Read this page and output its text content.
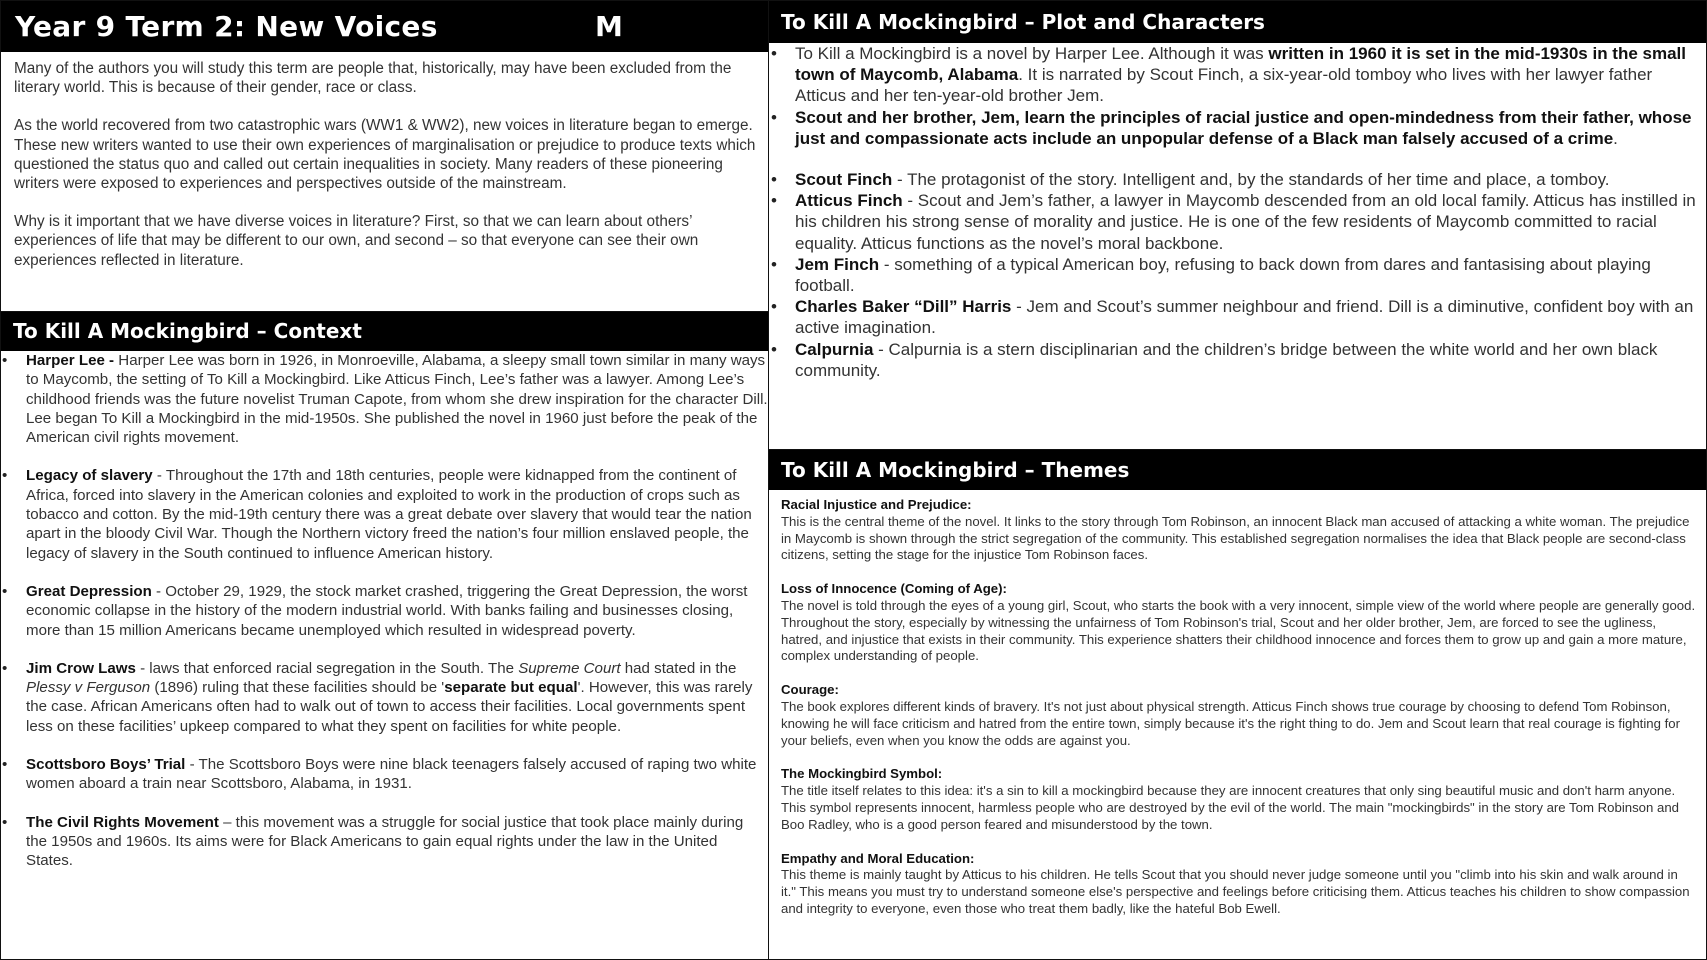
Year 9 Term 2: New Voices	M

Many of the authors you will study this term are people that, historically, may have been excluded from the literary world. This is because of their gender, race or class.

As the world recovered from two catastrophic wars (WW1 & WW2), new voices in literature began to emerge. These new writers wanted to use their own experiences of marginalisation or prejudice to produce texts which questioned the status quo and called out certain inequalities in society. Many readers of these pioneering writers were exposed to experiences and perspectives outside of the mainstream.

Why is it important that we have diverse voices in literature? First, so that we can learn about others’ experiences of life that may be different to our own, and second – so that everyone can see their own experiences reflected in literature.

To Kill A Mockingbird – Context
• Harper Lee - Harper Lee was born in 1926, in Monroeville, Alabama, a sleepy small town similar in many ways to Maycomb, the setting of To Kill a Mockingbird. Like Atticus Finch, Lee’s father was a lawyer. Among Lee’s childhood friends was the future novelist Truman Capote, from whom she drew inspiration for the character Dill. Lee began To Kill a Mockingbird in the mid-1950s. She published the novel in 1960 just before the peak of the American civil rights movement.
• Legacy of slavery - Throughout the 17th and 18th centuries, people were kidnapped from the continent of Africa, forced into slavery in the American colonies and exploited to work in the production of crops such as tobacco and cotton. By the mid-19th century there was a great debate over slavery that would tear the nation apart in the bloody Civil War. Though the Northern victory freed the nation’s four million enslaved people, the legacy of slavery in the South continued to influence American history.
• Great Depression - October 29, 1929, the stock market crashed, triggering the Great Depression, the worst economic collapse in the history of the modern industrial world. With banks failing and businesses closing, more than 15 million Americans became unemployed which resulted in widespread poverty.
• Jim Crow Laws - laws that enforced racial segregation in the South. The Supreme Court had stated in the Plessy v Ferguson (1896) ruling that these facilities should be 'separate but equal'. However, this was rarely the case. African Americans often had to walk out of town to access their facilities. Local governments spent less on these facilities’ upkeep compared to what they spent on facilities for white people.
• Scottsboro Boys’ Trial - The Scottsboro Boys were nine black teenagers falsely accused of raping two white women aboard a train near Scottsboro, Alabama, in 1931.
• The Civil Rights Movement – this movement was a struggle for social justice that took place mainly during the 1950s and 1960s. Its aims were for Black Americans to gain equal rights under the law in the United States.
To Kill A Mockingbird – Plot and Characters
• To Kill a Mockingbird is a novel by Harper Lee. Although it was written in 1960 it is set in the mid-1930s in the small town of Maycomb, Alabama. It is narrated by Scout Finch, a six-year-old tomboy who lives with her lawyer father Atticus and her ten-year-old brother Jem.
• Scout and her brother, Jem, learn the principles of racial justice and open-mindedness from their father, whose just and compassionate acts include an unpopular defense of a Black man falsely accused of a crime.
• Scout Finch - The protagonist of the story. Intelligent and, by the standards of her time and place, a tomboy.
• Atticus Finch - Scout and Jem’s father, a lawyer in Maycomb descended from an old local family. Atticus has instilled in his children his strong sense of morality and justice. He is one of the few residents of Maycomb committed to racial equality. Atticus functions as the novel’s moral backbone.
• Jem Finch - something of a typical American boy, refusing to back down from dares and fantasising about playing football.
• Charles Baker “Dill” Harris - Jem and Scout’s summer neighbour and friend. Dill is a diminutive, confident boy with an active imagination.
• Calpurnia - Calpurnia is a stern disciplinarian and the children’s bridge between the white world and her own black community.
To Kill A Mockingbird – Themes
Racial Injustice and Prejudice:
This is the central theme of the novel. It links to the story through Tom Robinson, an innocent Black man accused of attacking a white woman. The prejudice in Maycomb is shown through the strict segregation of the community. This established segregation normalises the idea that Black people are second-class citizens, setting the stage for the injustice Tom Robinson faces.
Loss of Innocence (Coming of Age):
The novel is told through the eyes of a young girl, Scout, who starts the book with a very innocent, simple view of the world where people are generally good. Throughout the story, especially by witnessing the unfairness of Tom Robinson's trial, Scout and her older brother, Jem, are forced to see the ugliness, hatred, and injustice that exists in their community. This experience shatters their childhood innocence and forces them to grow up and gain a more mature, complex understanding of people.
Courage:
The book explores different kinds of bravery. It's not just about physical strength. Atticus Finch shows true courage by choosing to defend Tom Robinson, knowing he will face criticism and hatred from the entire town, simply because it's the right thing to do. Jem and Scout learn that real courage is fighting for your beliefs, even when you know the odds are against you.
The Mockingbird Symbol:
The title itself relates to this idea: it's a sin to kill a mockingbird because they are innocent creatures that only sing beautiful music and don't harm anyone. This symbol represents innocent, harmless people who are destroyed by the evil of the world. The main "mockingbirds" in the story are Tom Robinson and Boo Radley, who is a good person feared and misunderstood by the town.
Empathy and Moral Education:
This theme is mainly taught by Atticus to his children. He tells Scout that you should never judge someone until you "climb into his skin and walk around in it." This means you must try to understand someone else's perspective and feelings before criticising them. Atticus teaches his children to show compassion and integrity to everyone, even those who treat them badly, like the hateful Bob Ewell.
